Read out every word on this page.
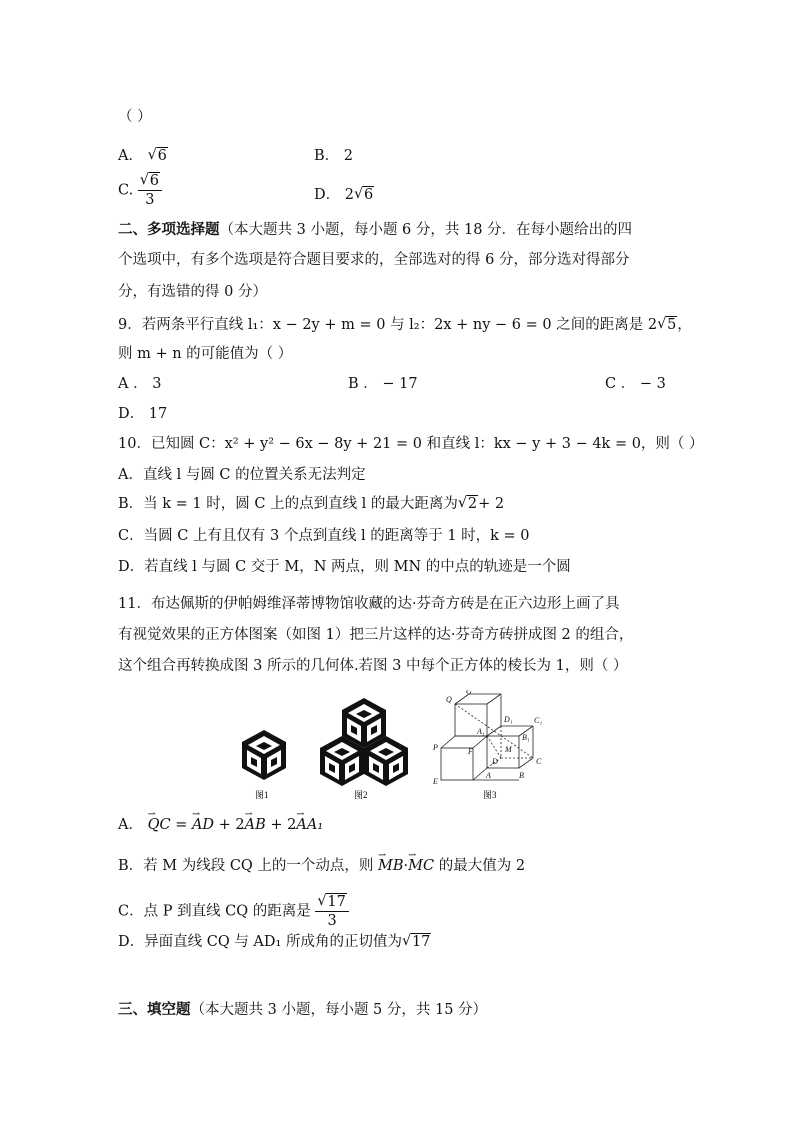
（ ）
A． √ 6	B． 2
C. √ $\frac{6}{3}$	D． 2 √ 6
二、多项选择题（本大题共 3 小题，每小题 6 分，共 18 分．在每小题给出的四
个选项中，有多个选项是符合题目要求的，全部选对的得 6 分，部分选对得部分
分，有选错的得 0 分）
9．若两条平行直线 l₁：x − 2y + m = 0 与 l₂：2x + ny − 6 = 0 之间的距离是 2 √ 5，
则 m + n 的可能值为（ ）
A ． 3	B ． − 17	C ． − 3
D． 17
10．已知圆 C：x² + y² − 6x − 8y + 21 = 0 和直线 l：kx − y + 3 − 4k = 0，则（ ）
A．直线 l 与圆 C 的位置关系无法判定
B．当 k = 1 时，圆 C 上的点到直线 l 的最大距离为 √ 2+ 2
C．当圆 C 上有且仅有 3 个点到直线 l 的距离等于 1 时，k = 0
D．若直线 l 与圆 C 交于 M，N 两点，则 MN 的中点的轨迹是一个圆
11．布达佩斯的伊帕姆维泽蒂博物馆收藏的达·芬奇方砖是在正六边形上画了具
有视觉效果的正方体图案（如图 1）把三片这样的达·芬奇方砖拼成图 2 的组合，
这个组合再转换成图 3 所示的几何体.若图 3 中每个正方体的棱长为 1，则（ ）
图1	图2
Q
G
D₁	C₁
A₁
B₁
P	F	M
D	C
E
A	B
图3
A． ⇀ QC = ⇀ AD + 2⇀ AB + 2⇀ AA₁
B．若 M 为线段 CQ 上的一个动点，则 ⇀ MB·⇀ MC 的最大值为 2
C．点 P 到直线 CQ 的距离是 √ $\frac{17}{3}$
D．异面直线 CQ 与 AD₁ 所成角的正切值为 √ 17
三、填空题（本大题共 3 小题，每小题 5 分，共 15 分）
